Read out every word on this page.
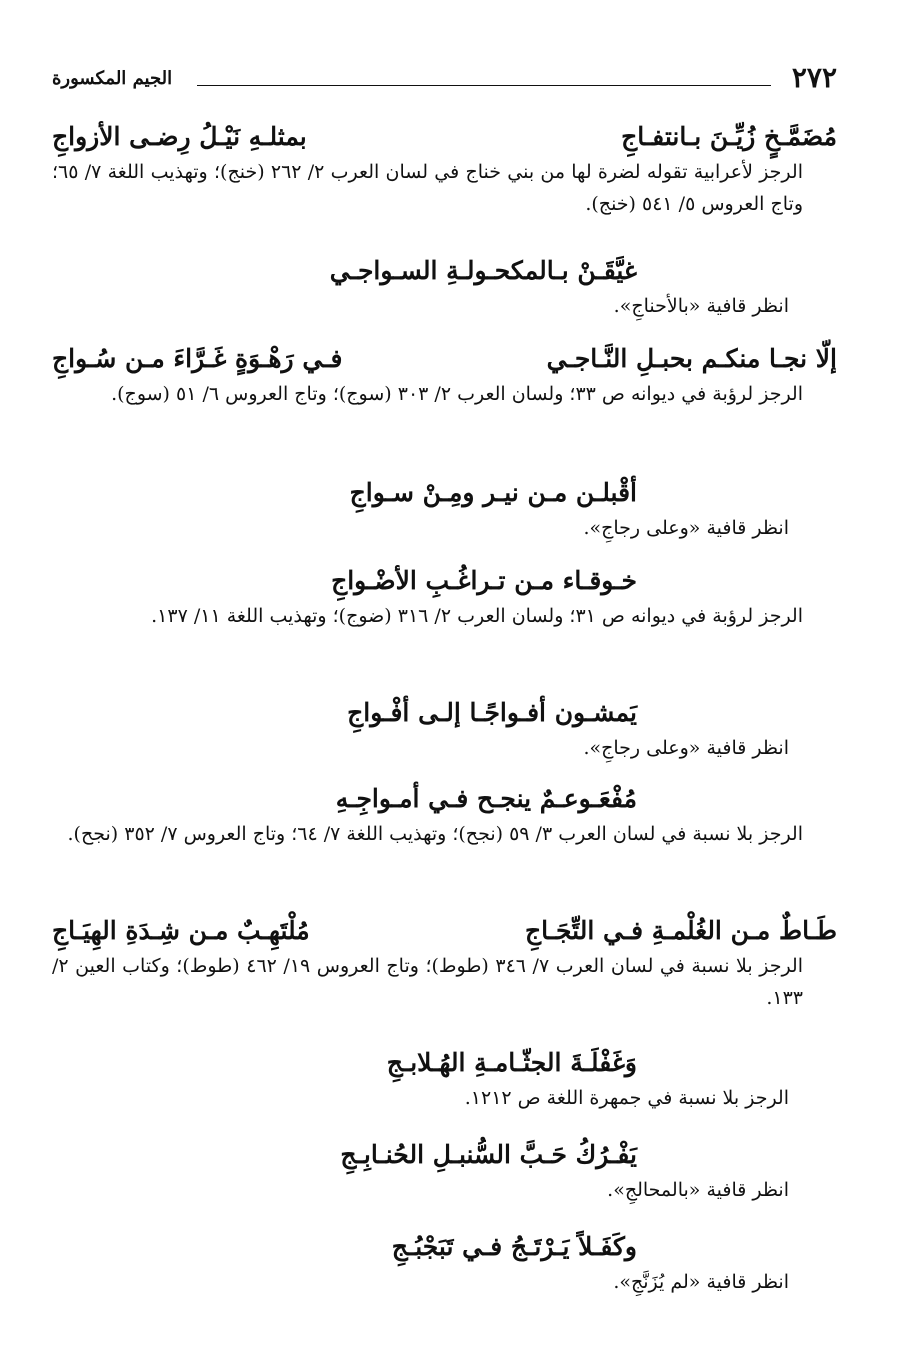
٢٧٢
الجيم المكسورة
مُضَمَّـخٍ زُيِّـنَ بـانتفـاجِ
بمثلـهِ نَيْـلُ رِضـى الأزواجِ
الرجز لأعرابية تقوله لضرة لها من بني خناج في لسان العرب ٢/ ٢٦٢ (خنج)؛ وتهذيب اللغة ٧/ ٦٥؛ وتاج العروس ٥/ ٥٤١ (خنج).
غيَّقَـنْ بـالمكحـولـةِ السـواجـي
انظر قافية «بالأحناجِ».
إلّا نجـا منكـم بحبـلِ النَّـاجـي
فـي رَهْـوَةٍ غَـرَّاءَ مـن سُـواجِ
الرجز لرؤبة في ديوانه ص ٣٣؛ ولسان العرب ٢/ ٣٠٣ (سوج)؛ وتاج العروس ٦/ ٥١ (سوج).
أقْبلـن مـن نيـر ومِـنْ سـواجِ
انظر قافية «وعلى رجاجِ».
خـوقـاء مـن تـراغُـبِ الأضْـواجِ
الرجز لرؤبة في ديوانه ص ٣١؛ ولسان العرب ٢/ ٣١٦ (ضوج)؛ وتهذيب اللغة ١١/ ١٣٧.
يَمشـون أفـواجًـا إلـى أفْـواجِ
انظر قافية «وعلى رجاجِ».
مُفْعَـوعـمٌ ينجـح فـي أمـواجِـهِ
الرجز بلا نسبة في لسان العرب ٣/ ٥٩ (نجح)؛ وتهذيب اللغة ٧/ ٦٤؛ وتاج العروس ٧/ ٣٥٢ (نجح).
طَـاطٌ مـن الغُلْمـةِ فـي التِّجَـاجِ
مُلْتَهِـبٌ مـن شِـدَةِ الهِيَـاجِ
الرجز بلا نسبة في لسان العرب ٧/ ٣٤٦ (طوط)؛ وتاج العروس ١٩/ ٤٦٢ (طوط)؛ وكتاب العين ٢/ ١٣٣.
وَغَفْلَـةَ الجثّـامـةِ الهُـلابـجِ
الرجز بلا نسبة في جمهرة اللغة ص ١٢١٢.
يَفْـرُكُ حَـبَّ السُّنبـلِ الحُنـابِـجِ
انظر قافية «بالمحالجِ».
وكَفَـلاً يَـرْتَـجُ فـي تَبَجْبُـجِ
انظر قافية «لم يُزَنَّجِ».
